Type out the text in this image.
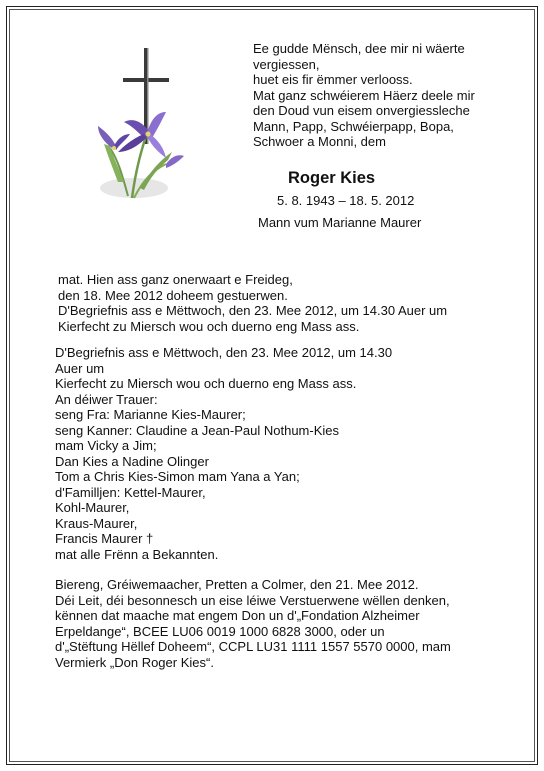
Ee gudde Mënsch, dee mir ni wäerte
vergiessen,
huet eis fir ëmmer verlooss.
Mat ganz schwéierem Häerz deele mir
den Doud vun eisem onvergiesslech​e
Mann, Papp, Schwéierpapp, Bopa,
Schwoer a Monni, dem
Roger Kies
5. 8. 1943 – 18. 5. 2012
Mann vum Marianne Maurer
mat. Hien ass ganz onerwaart e Freideg,
den 18. Mee 2012 doheem gestuerwen.
D'Begriefnis ass e Mëttwoch, den 23. Mee 2012, um 14.30 Auer um
Kierfecht zu Miersch wou och duerno eng Mass ass.
D'Begriefnis ass e Mëttwoch, den 23. Mee 2012, um 14.30
Auer um
Kierfecht zu Miersch wou och duerno eng Mass ass.
An déiwer Trauer:
seng Fra: Marianne Kies-Maurer;
seng Kanner: Claudine a Jean-Paul Nothum-Kies
mam Vicky a Jim;
Dan Kies a Nadine Olinger
Tom a Chris Kies-Simon mam Yana a Yan;
d'Familljen: Kettel-Maurer,
Kohl-Maurer,
Kraus-Maurer,
Francis Maurer †
mat alle Frënn a Bekannten.
Biereng, Gréiwemaacher, Pretten a Colmer, den 21. Mee 2012.
Déi Leit, déi besonnesch un eise léiwe Verstuerwene wëllen denken,
kënnen dat maache mat engem Don un d'„Fondation Alzheimer
Erpeldange“, BCEE LU06 0019 1000 6828 3000, oder un
d'„Stëftung Hëllef Doheem“, CCPL LU31 1111 1557 5570 0000, mam
Vermierk „Don Roger Kies“.
